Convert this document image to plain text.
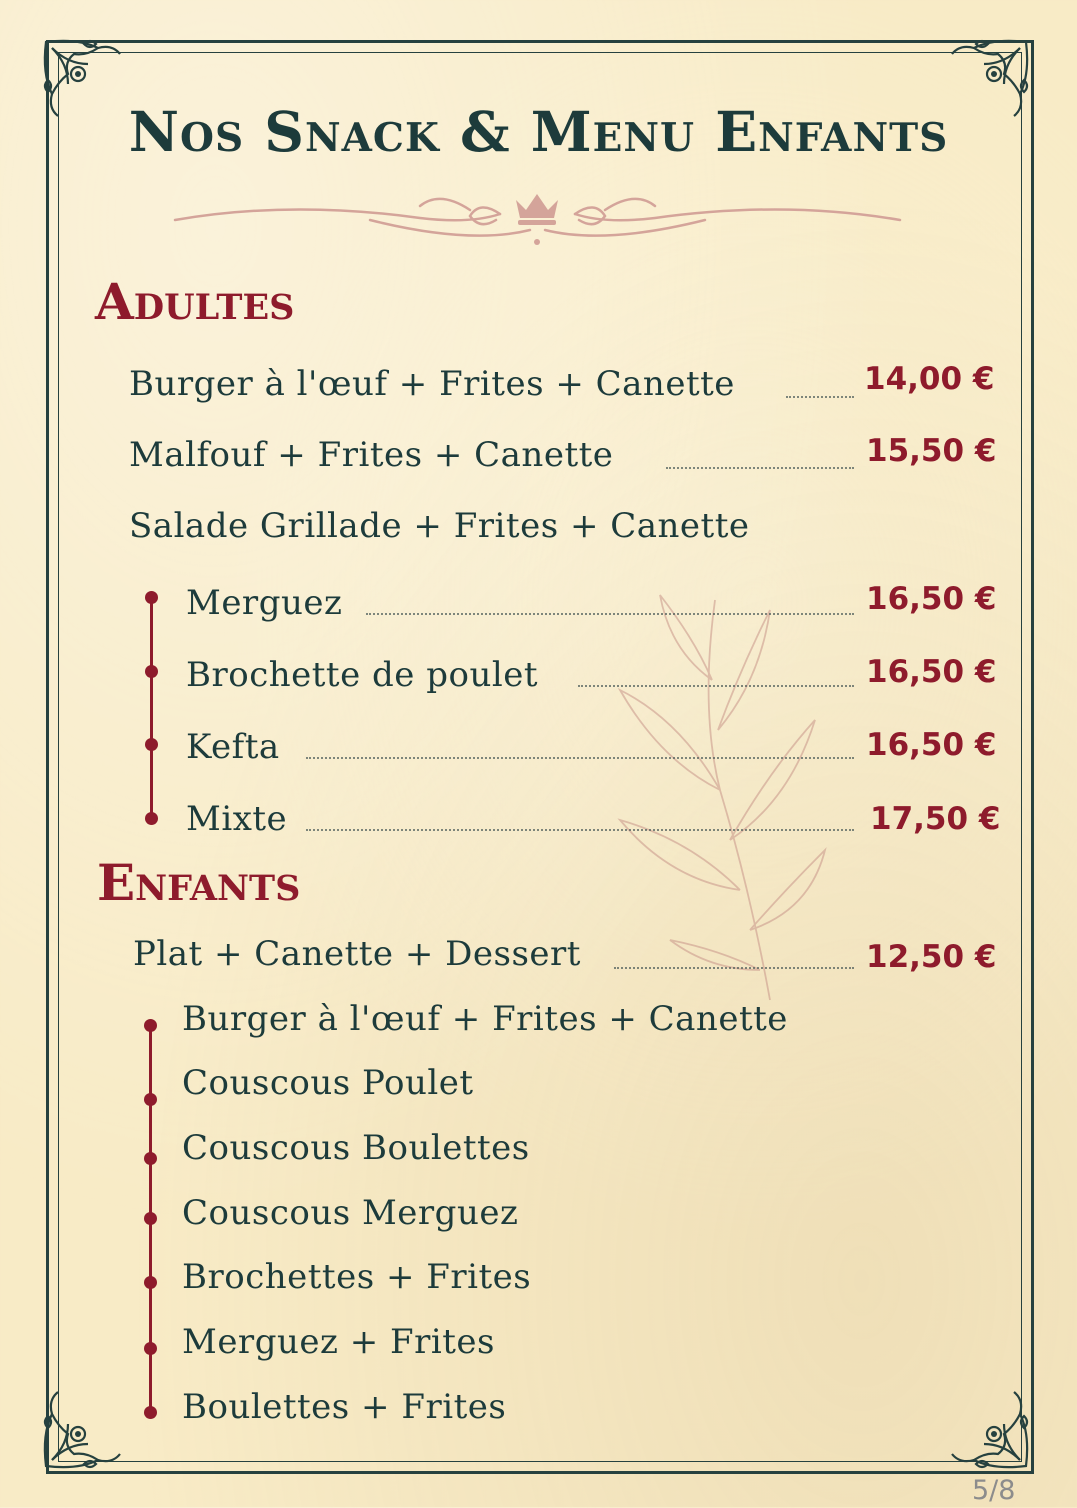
Nos Snack & Menu Enfants
Adultes
Burger à l'œuf + Frites + Canette	14,00 €
Malfouf + Frites + Canette	15,50 €
Salade Grillade + Frites + Canette
Merguez	16,50 €
Brochette de poulet	16,50 €
Kefta	16,50 €
Mixte	17,50 €
Enfants
Plat + Canette + Dessert	12,50 €
Burger à l'œuf + Frites + Canette
Couscous Poulet
Couscous Boulettes
Couscous Merguez
Brochettes + Frites
Merguez + Frites
Boulettes + Frites
5/8
